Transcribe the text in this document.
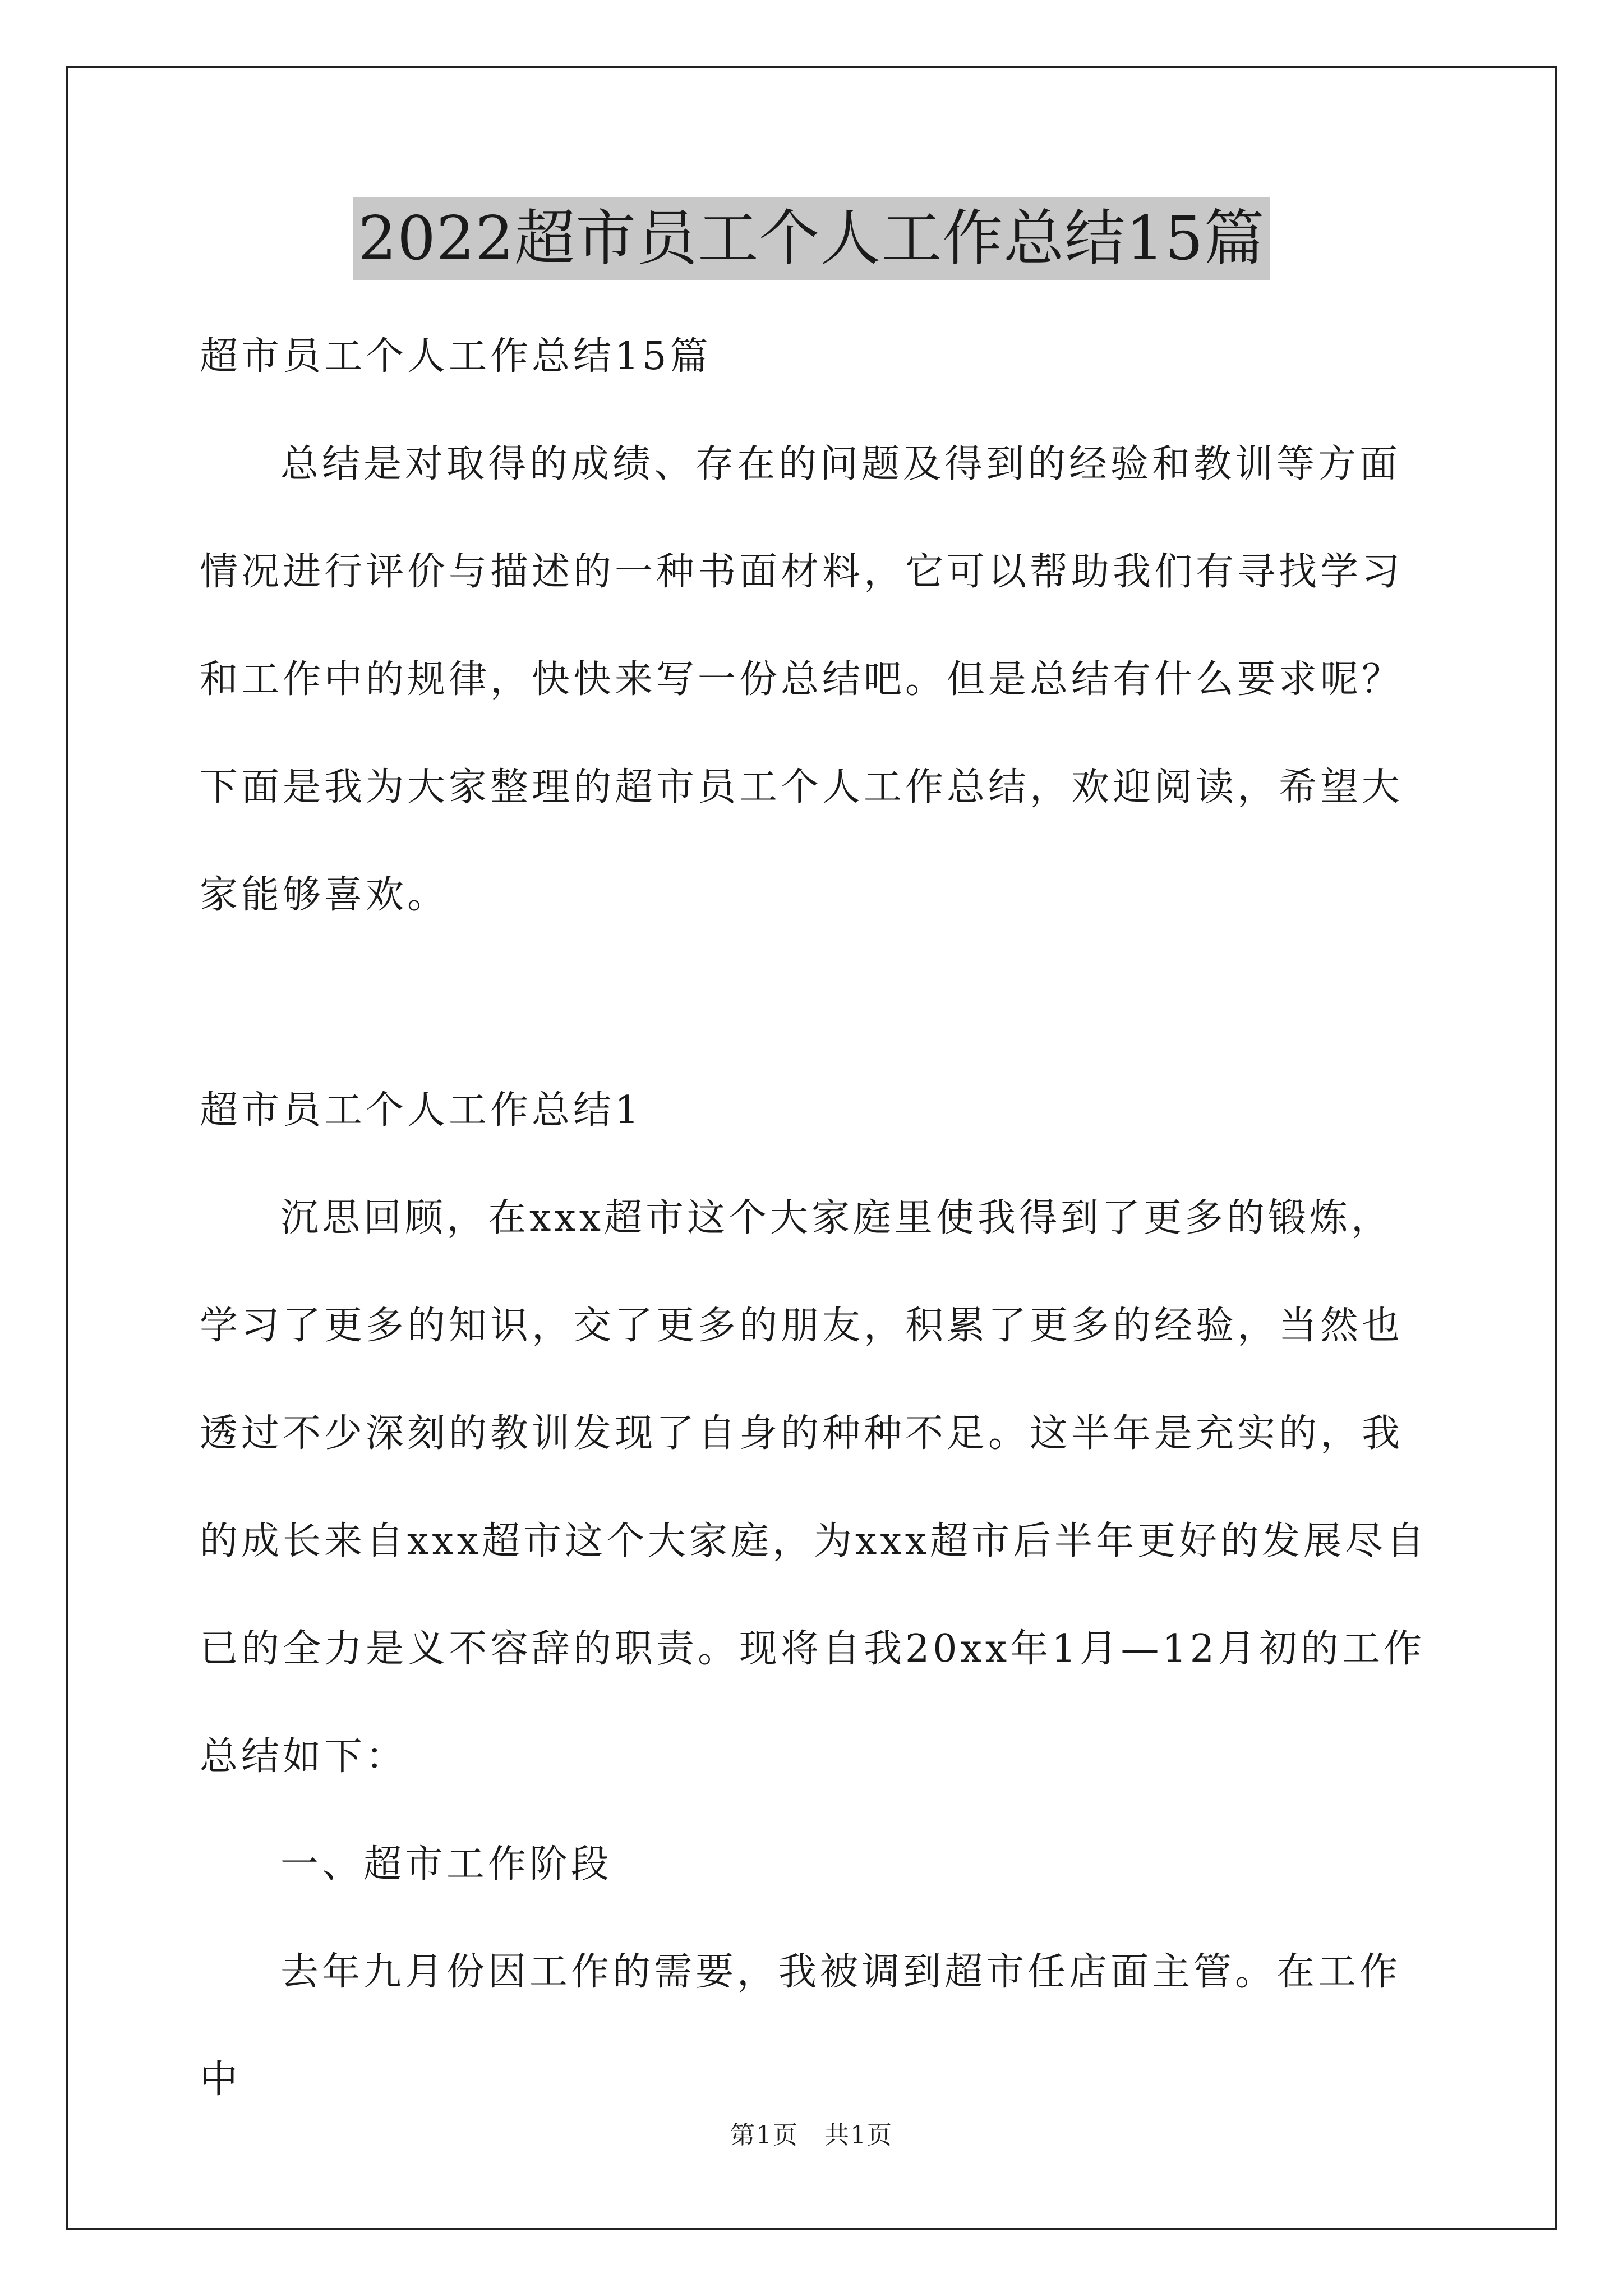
2022超市员工个人工作总结15篇

超市员工个人工作总结15篇

总结是对取得的成绩、存在的问题及得到的经验和教训等方面情况进行评价与描述的一种书面材料，它可以帮助我们有寻找学习和工作中的规律，快快来写一份总结吧。但是总结有什么要求呢？下面是我为大家整理的超市员工个人工作总结，欢迎阅读，希望大家能够喜欢。

超市员工个人工作总结1

沉思回顾，在xxx超市这个大家庭里使我得到了更多的锻炼，学习了更多的知识，交了更多的朋友，积累了更多的经验，当然也透过不少深刻的教训发现了自身的种种不足。这半年是充实的，我的成长来自xxx超市这个大家庭，为xxx超市后半年更好的发展尽自已的全力是义不容辞的职责。现将自我20xx年1月—12月初的工作总结如下：

一、超市工作阶段

去年九月份因工作的需要，我被调到超市任店面主管。在工作中

第1页　共1页
